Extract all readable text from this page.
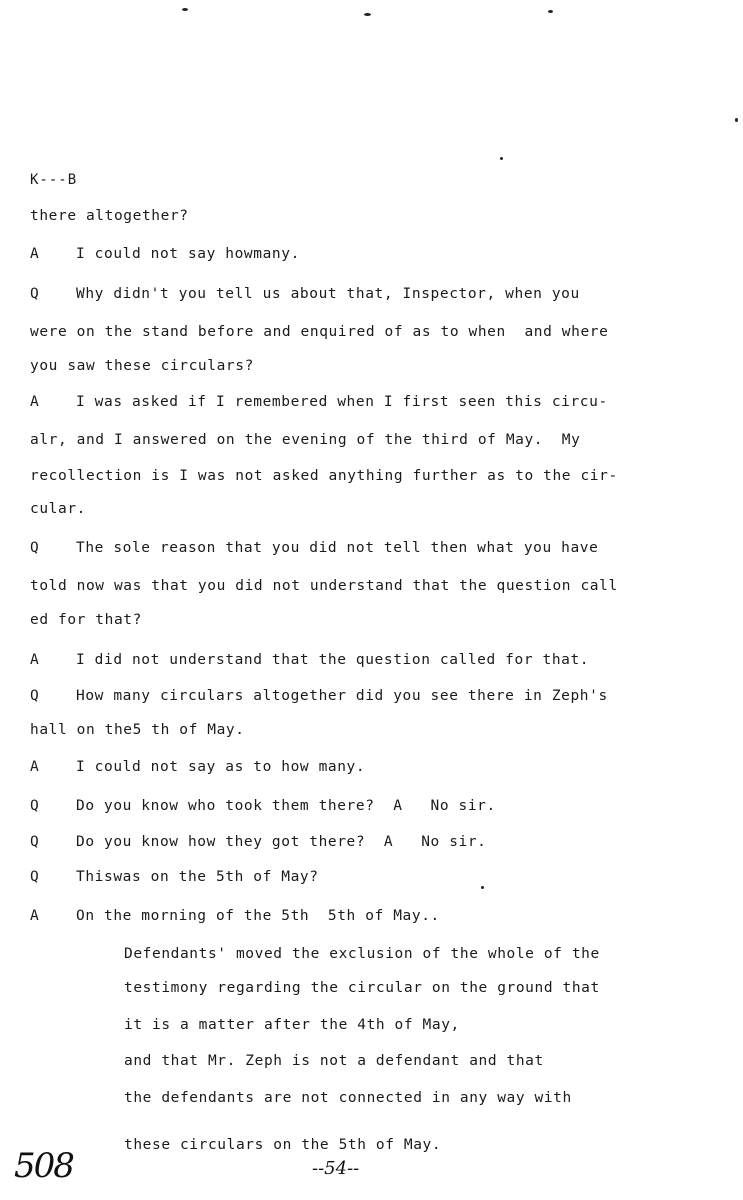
K---B
there altogether?
A	I could not say howmany.
Q	Why didn't you tell us about that, Inspector, when you
were on the stand before and enquired of as to when  and where
you saw these circulars?
A	I was asked if I remembered when I first seen this circu-
alr, and I answered on the evening of the third of May.  My
recollection is I was not asked anything further as to the cir-
cular.
Q	The sole reason that you did not tell then what you have
told now was that you did not understand that the question call
ed for that?
A	I did not understand that the question called for that.
Q	How many circulars altogether did you see there in Zeph's
hall on the5 th of May.
A	I could not say as to how many.
Q	Do you know who took them there?  A   No sir.
Q	Do you know how they got there?  A   No sir.
Q	Thiswas on the 5th of May?
A	On the morning of the 5th  5th of May..
Defendants' moved the exclusion of the whole of the
testimony regarding the circular on the ground that
it is a matter after the 4th of May,
and that Mr. Zeph is not a defendant and that
the defendants are not connected in any way with
these circulars on the 5th of May.
508	--54--
